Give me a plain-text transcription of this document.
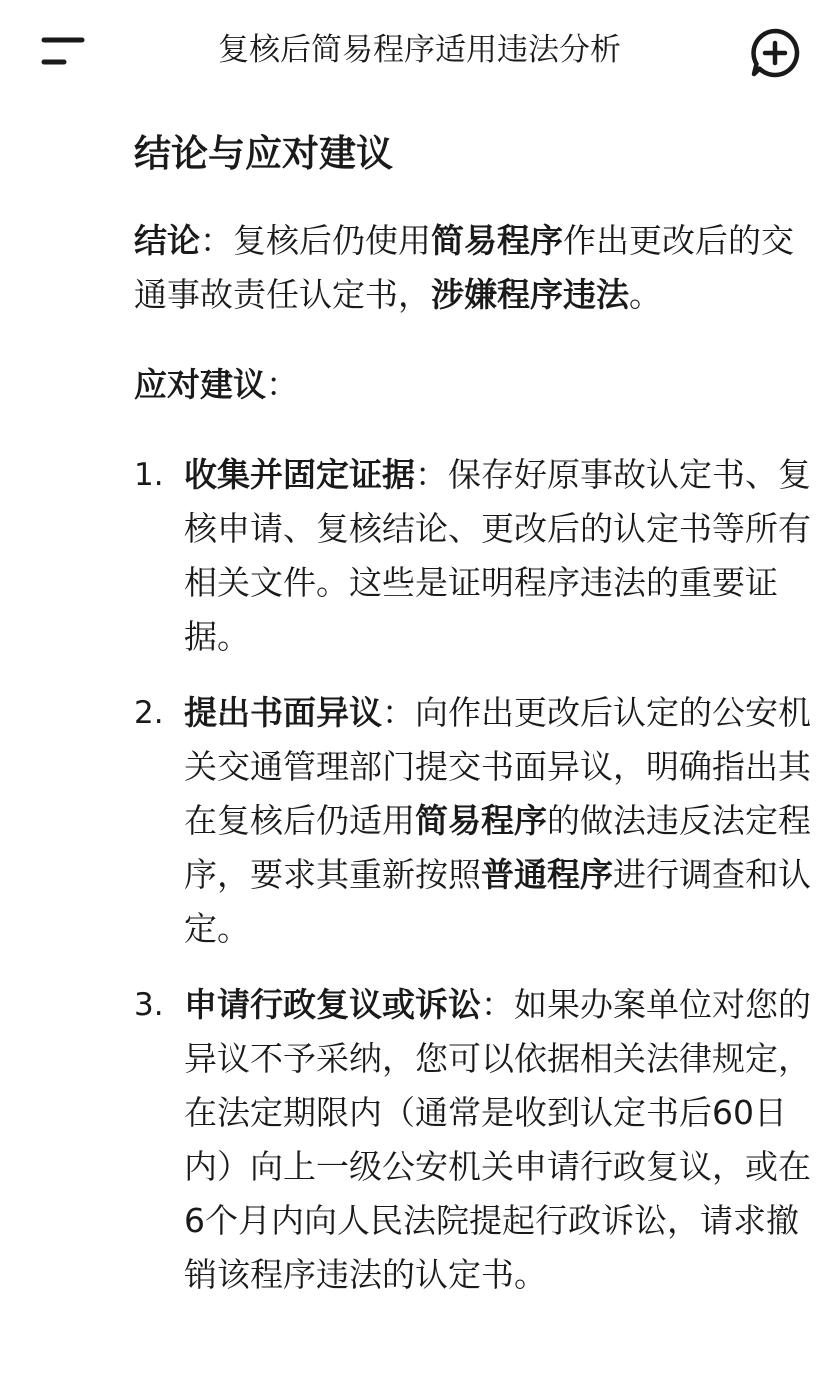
复核后简易程序适用违法分析
结论与应对建议

结论：复核后仍使用简易程序作出更改后的交通事故责任认定书，涉嫌程序违法。

应对建议：

1. 收集并固定证据：保存好原事故认定书、复核申请、复核结论、更改后的认定书等所有相关文件。这些是证明程序违法的重要证据。
2. 提出书面异议：向作出更改后认定的公安机关交通管理部门提交书面异议，明确指出其在复核后仍适用简易程序的做法违反法定程序，要求其重新按照普通程序进行调查和认定。
3. 申请行政复议或诉讼：如果办案单位对您的异议不予采纳，您可以依据相关法律规定，在法定期限内（通常是收到认定书后60日内）向上一级公安机关申请行政复议，或在6个月内向人民法院提起行政诉讼，请求撤销该程序违法的认定书。
